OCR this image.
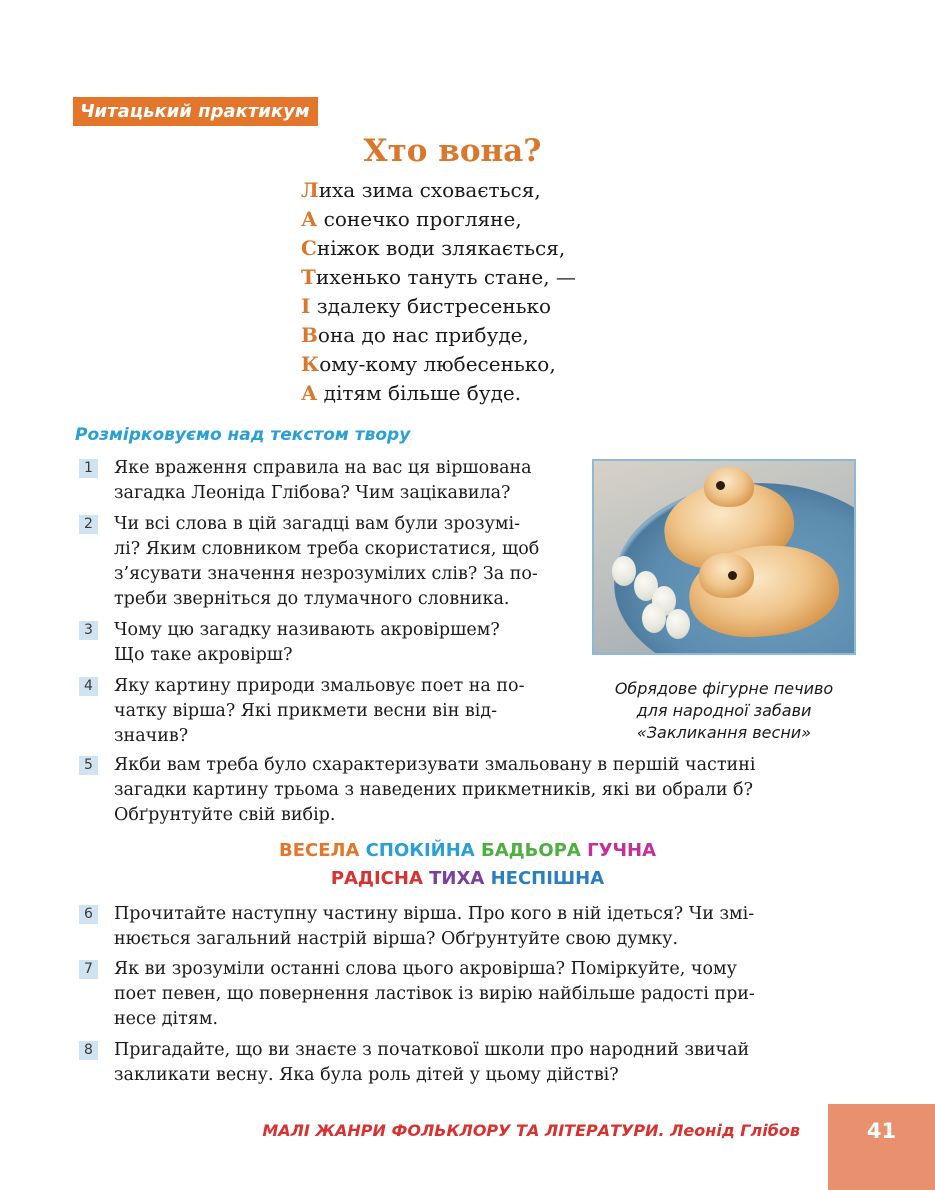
Читацький практикум
Хто вона?
Лиха зима сховається,
А сонечко прогляне,
Сніжок води злякається,
Тихенько тануть стане, —
І здалеку бистресенько
Вона до нас прибуде,
Кому-кому любесенько,
А дітям більше буде.
Розмірковуємо над текстом твору
1 Яке враження справила на вас ця віршована
загадка Леоніда Глібова? Чим зацікавила?
2 Чи всі слова в цій загадці вам були зрозумі-
лі? Яким словником треба скористатися, щоб
з’ясувати значення незрозумілих слів? За по-
треби зверніться до тлумачного словника.
3 Чому цю загадку називають акровіршем?
Що таке акровірш?
4 Яку картину природи змальовує поет на по-
чатку вірша? Які прикмети весни він від-
значив?

Обрядове фігурне печиво
для народної забави
«Закликання весни»

5 Якби вам треба було схарактеризувати змальовану в першій частині
загадки картину трьома з наведених прикметників, які ви обрали б?
Обґрунтуйте свій вибір.

ВЕСЕЛА СПОКІЙНА БАДЬОРА ГУЧНА

РАДІСНА ТИХА НЕСПІШНА

6 Прочитайте наступну частину вірша. Про кого в ній ідеться? Чи змі-
нюється загальний настрій вірша? Обґрунтуйте свою думку.
7 Як ви зрозуміли останні слова цього акровірша? Поміркуйте, чому
поет певен, що повернення ластівок із вирію найбільше радості при-
несе дітям.
8 Пригадайте, що ви знаєте з початкової школи про народний звичай
закликати весну. Яка була роль дітей у цьому дійстві?

МАЛІ ЖАНРИ ФОЛЬКЛОРУ ТА ЛІТЕРАТУРИ. Леонід Глібов	41
